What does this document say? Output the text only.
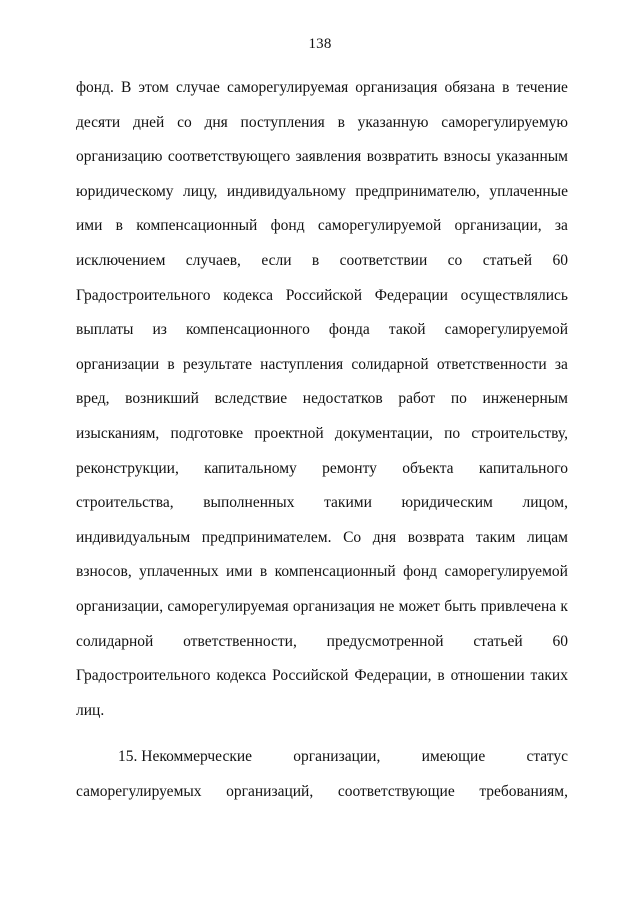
138
фонд. В этом случае саморегулируемая организация обязана в течение
десяти дней со дня поступления в указанную саморегулируемую
организацию соответствующего заявления возвратить взносы указанным
юридическому лицу, индивидуальному предпринимателю, уплаченные
ими в компенсационный фонд саморегулируемой организации, за
исключением случаев, если в соответствии со статьей 60
Градостроительного кодекса Российской Федерации осуществлялись
выплаты из компенсационного фонда такой саморегулируемой
организации в результате наступления солидарной ответственности за
вред, возникший вследствие недостатков работ по инженерным
изысканиям, подготовке проектной документации, по строительству,
реконструкции, капитальному ремонту объекта капитального
строительства, выполненных такими юридическим лицом,
индивидуальным предпринимателем. Со дня возврата таким лицам
взносов, уплаченных ими в компенсационный фонд саморегулируемой
организации, саморегулируемая организация не может быть привлечена к
солидарной ответственности, предусмотренной статьей 60
Градостроительного кодекса Российской Федерации, в отношении таких
лиц.
15. Некоммерческие	организации,	имеющие	статус
саморегулируемых организаций, соответствующие требованиям,
